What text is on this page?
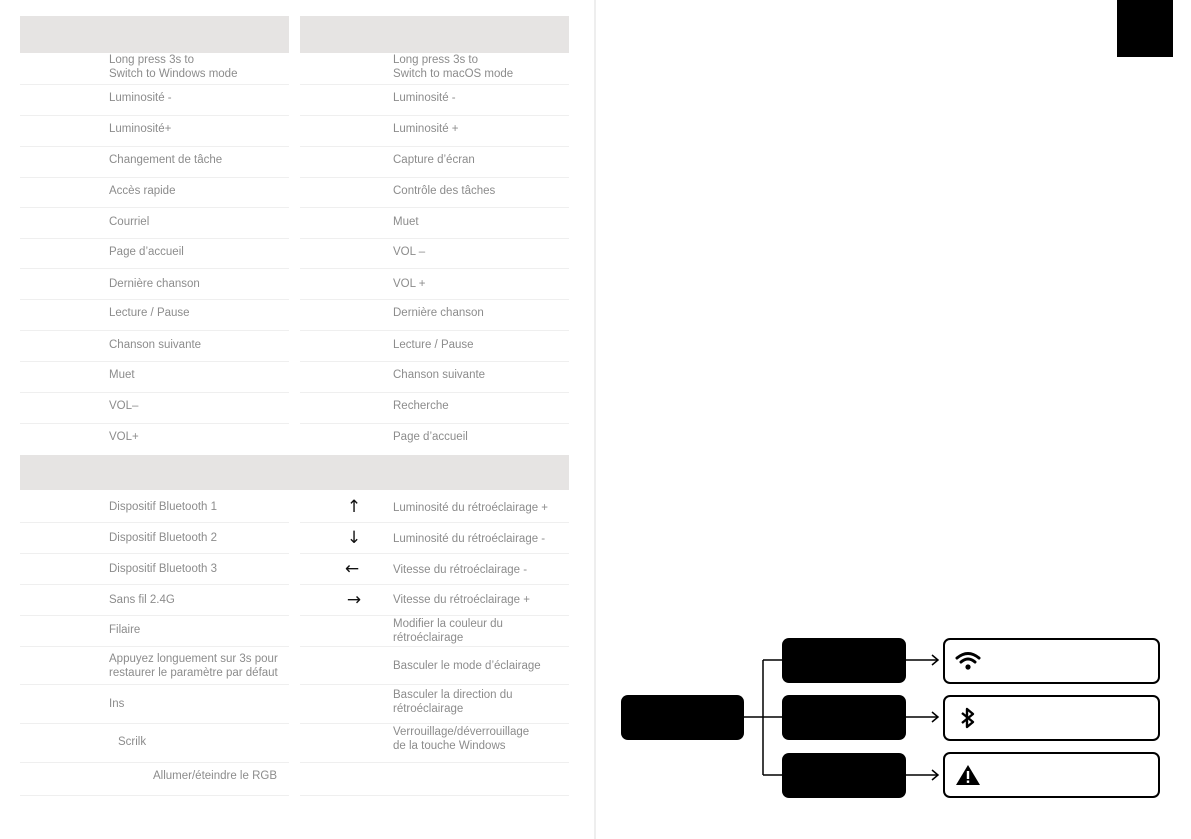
Long press 3s to
Switch to Windows mode
Luminosité -
Luminosité+
Changement de tâche
Accès rapide
Courriel
Page d’accueil
Dernière chanson
Lecture / Pause
Chanson suivante
Muet
VOL–
VOL+
Long press 3s to
Switch to macOS mode
Luminosité -
Luminosité +
Capture d’écran
Contrôle des tâches
Muet
VOL –
VOL +
Dernière chanson
Lecture / Pause
Chanson suivante
Recherche
Page d’accueil
Dispositif Bluetooth 1
Dispositif Bluetooth 2
Dispositif Bluetooth 3
Sans fil 2.4G
Filaire
Appuyez longuement sur 3s pour
restaurer le paramètre par défaut
Ins
Scrilk
Allumer/éteindre le RGB
Luminosité du rétroéclairage +
Luminosité du rétroéclairage -
Vitesse du rétroéclairage -
Vitesse du rétroéclairage +
Modifier la couleur du
rétroéclairage
Basculer le mode d’éclairage
Basculer la direction du
rétroéclairage
Verrouillage/déverrouillage
de la touche Windows
↑
↓
←
→
